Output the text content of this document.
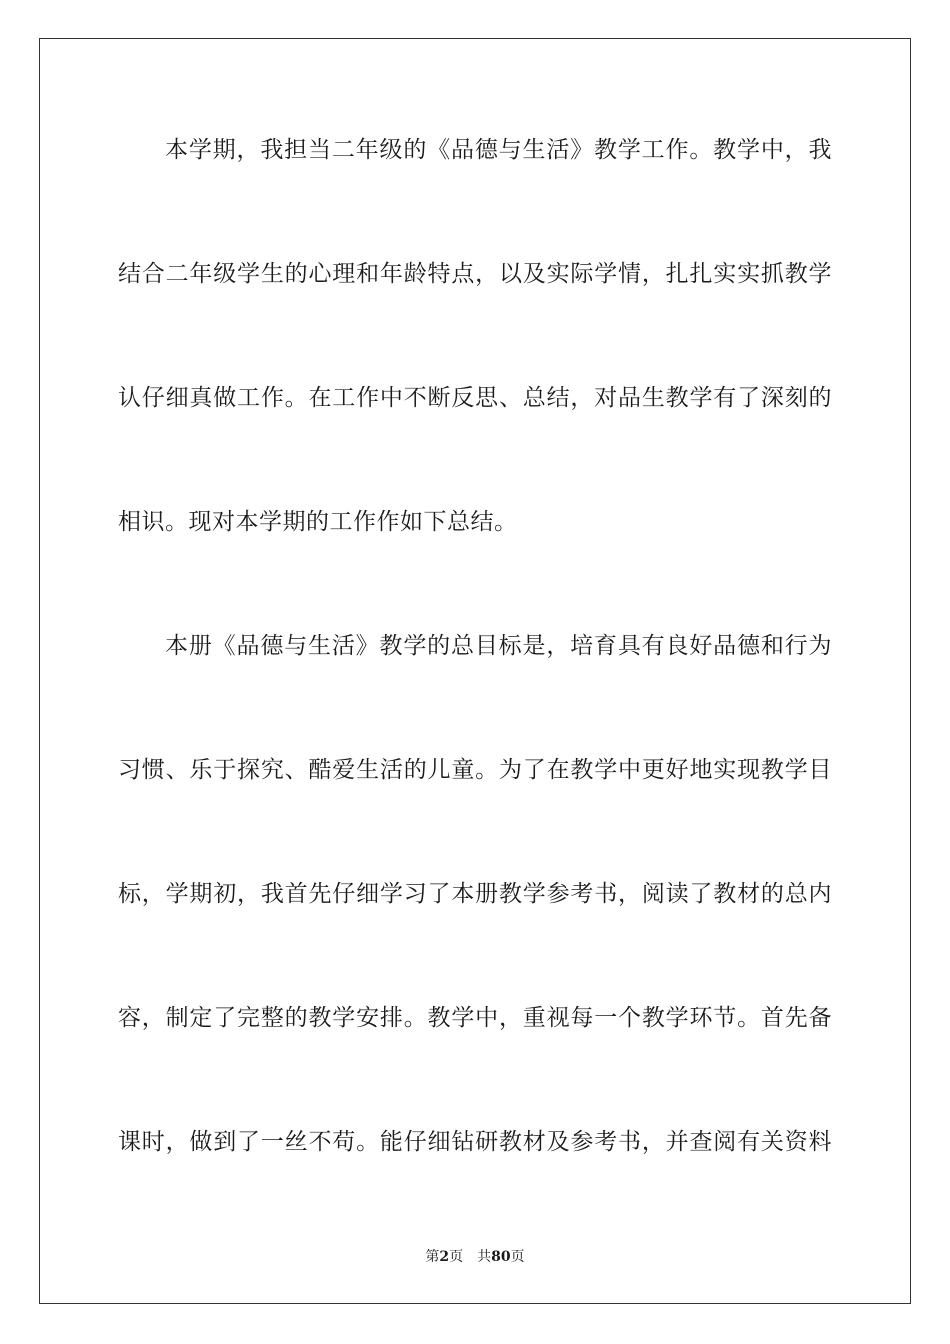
本学期，我担当二年级的《品德与生活》教学工作。教学中，我
结合二年级学生的心理和年龄特点，以及实际学情，扎扎实实抓教学
认仔细真做工作。在工作中不断反思、总结，对品生教学有了深刻的
相识。现对本学期的工作作如下总结。
本册《品德与生活》教学的总目标是，培育具有良好品德和行为
习惯、乐于探究、酷爱生活的儿童。为了在教学中更好地实现教学目
标，学期初，我首先仔细学习了本册教学参考书，阅读了教材的总内
容，制定了完整的教学安排。教学中，重视每一个教学环节。首先备
课时，做到了一丝不苟。能仔细钻研教材及参考书，并查阅有关资料
第2页 共80页
